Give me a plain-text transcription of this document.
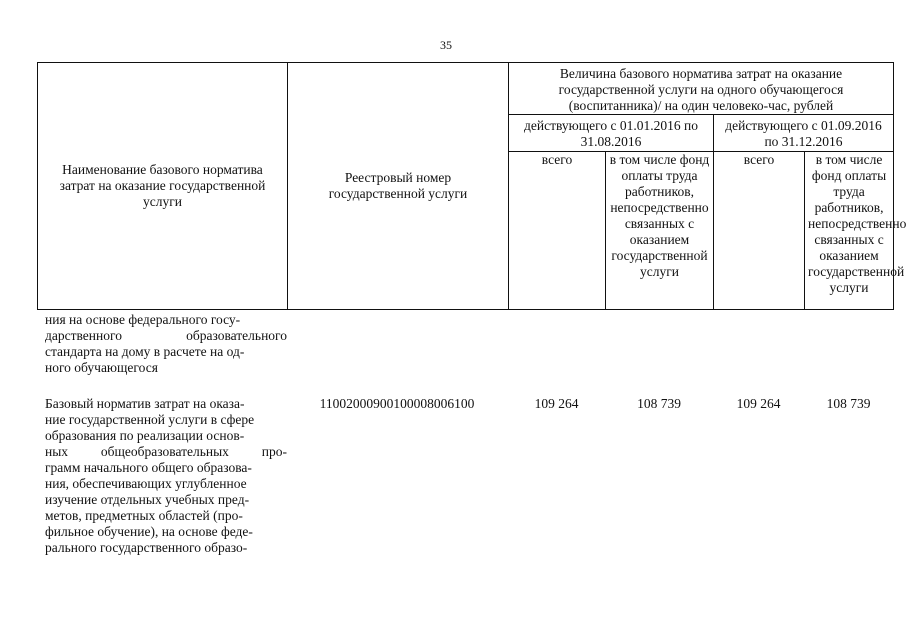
35
Наименование базового норматива затрат на оказание государственной услуги	Реестровый номер государственной услуги	Величина базового норматива затрат на оказание государственной услуги на одного обучающегося (воспитанника)/ на один человеко-час, рублей			

		действующего с 01.01.2016 по 31.08.2016		действующего с 01.09.2016 по 31.12.2016	

		всего	в том числе фонд оплаты труда работников, непосредственно связанных с оказанием государственной услуги	всего	в том числе фонд оплаты труда работников, непосредственно связанных с оказанием государственной услуги
ния на основе федерального госу-
дарственного образовательного
стандарта на дому в расчете на од-
ного обучающегося
Базовый норматив затрат на оказа-
ние государственной услуги в сфере
образования по реализации основ-
ных общеобразовательных про-
грамм начального общего образова-
ния, обеспечивающих углубленное
изучение отдельных учебных пред-
метов, предметных областей (про-
фильное обучение), на основе феде-
рального государственного образо-
11002000900100008006100	109 264	108 739	109 264	108 739
